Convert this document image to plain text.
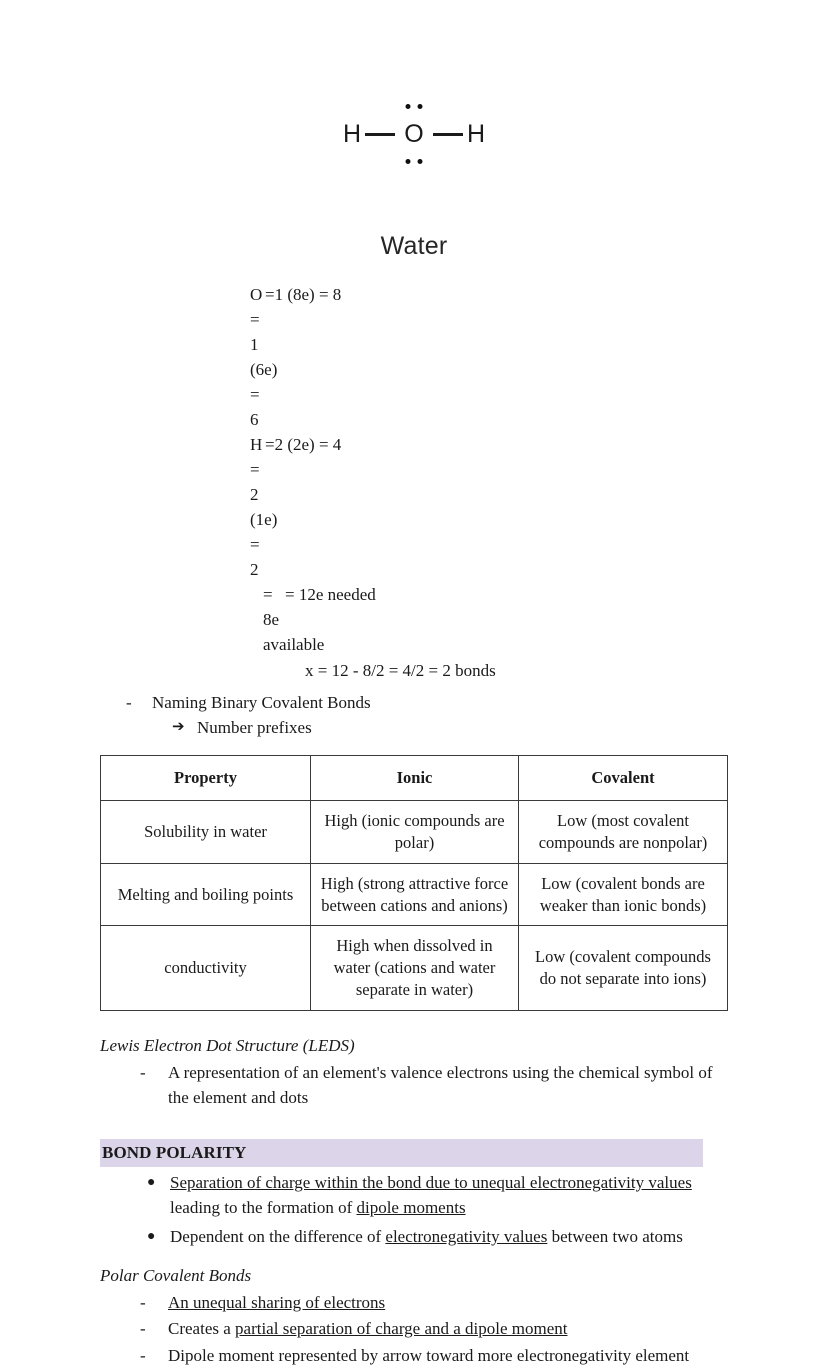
H O H
Water
O = 1 (6e) = 6
=1 (8e) = 8
H = 2 (1e) = 2
=2 (2e) = 4
= 8e available
= 12e needed
x = 12 - 8/2 = 4/2 = 2 bonds
-	Naming Binary Covalent Bonds
➔ Number prefixes
Property	Ionic	Covalent
Solubility in water	High (ionic compounds are polar)	Low (most covalent compounds are nonpolar)
Melting and boiling points	High (strong attractive force between cations and anions)	Low (covalent bonds are weaker than ionic bonds)
conductivity	High when dissolved in water (cations and water separate in water)	Low (covalent compounds do not separate into ions)
Lewis Electron Dot Structure (LEDS)
-	A representation of an element's valence electrons using the chemical symbol of the element and dots
BOND POLARITY
● Separation of charge within the bond due to unequal electronegativity values leading to the formation of dipole moments
● Dependent on the difference of electronegativity values between two atoms
Polar Covalent Bonds
-	An unequal sharing of electrons
-	Creates a partial separation of charge and a dipole moment
-	Dipole moment represented by arrow toward more electronegativity element
